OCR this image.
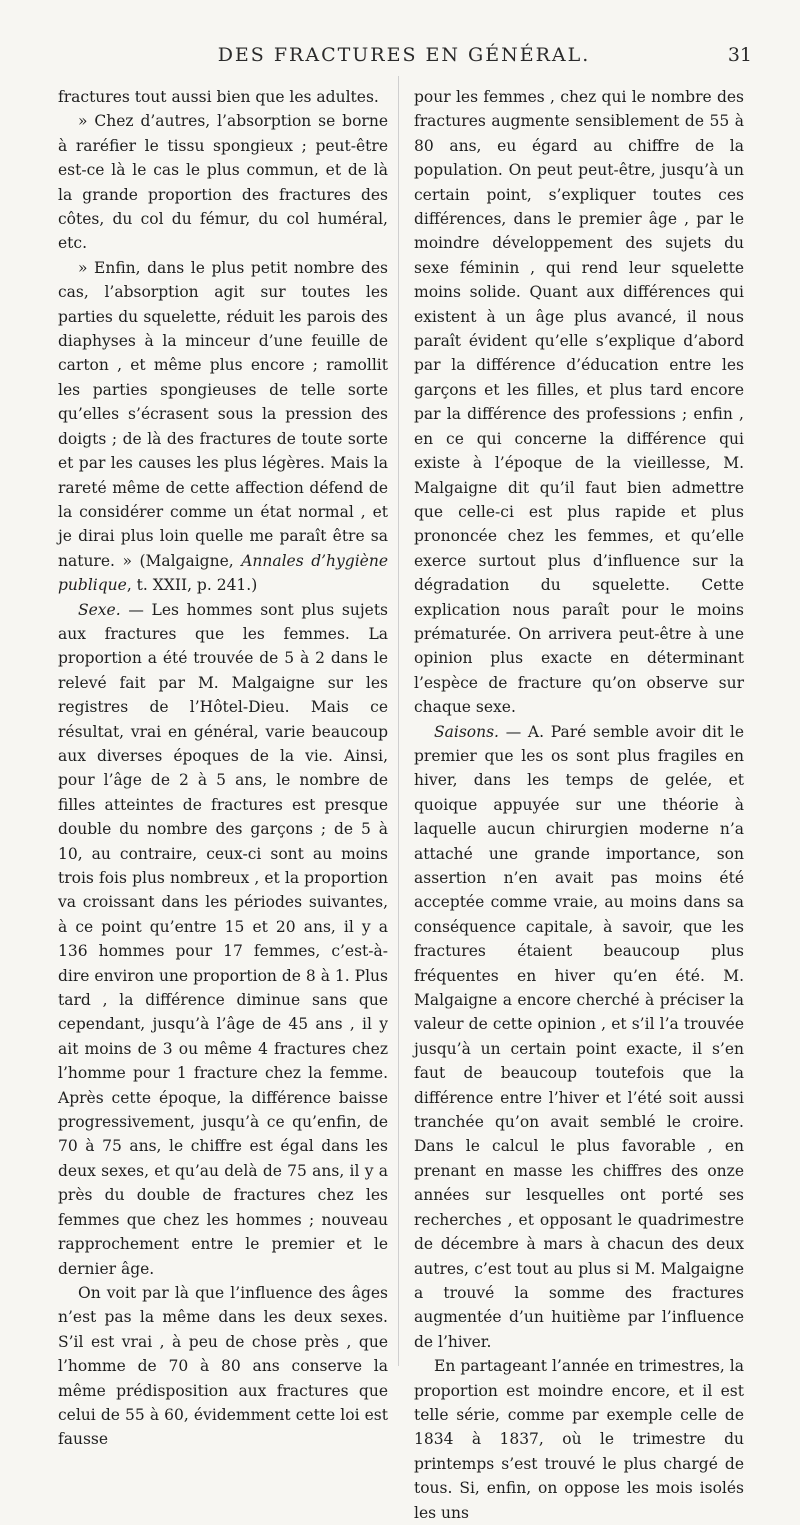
DES FRACTURES EN GÉNÉRAL.	31

fractures tout aussi bien que les adultes.

» Chez d’autres, l’absorption se borne à raréfier le tissu spongieux ; peut-être est-ce là le cas le plus commun, et de là la grande proportion des fractures des côtes, du col du fémur, du col huméral, etc.

» Enfin, dans le plus petit nombre des cas, l’absorption agit sur toutes les parties du squelette, réduit les parois des diaphyses à la minceur d’une feuille de carton , et même plus encore ; ramollit les parties spongieuses de telle sorte qu’elles s’écrasent sous la pression des doigts ; de là des fractures de toute sorte et par les causes les plus légères. Mais la rareté même de cette affection défend de la considérer comme un état normal , et je dirai plus loin quelle me paraît être sa nature. » (Malgaigne, Annales d’hygiène publique, t. XXII, p. 241.)

Sexe. — Les hommes sont plus sujets aux fractures que les femmes. La proportion a été trouvée de 5 à 2 dans le relevé fait par M. Malgaigne sur les registres de l’Hôtel-Dieu. Mais ce résultat, vrai en général, varie beaucoup aux diverses époques de la vie. Ainsi, pour l’âge de 2 à 5 ans, le nombre de filles atteintes de fractures est presque double du nombre des garçons ; de 5 à 10, au contraire, ceux-ci sont au moins trois fois plus nombreux , et la proportion va croissant dans les périodes suivantes, à ce point qu’entre 15 et 20 ans, il y a 136 hommes pour 17 femmes, c’est-à-dire environ une proportion de 8 à 1. Plus tard , la différence diminue sans que cependant, jusqu’à l’âge de 45 ans , il y ait moins de 3 ou même 4 fractures chez l’homme pour 1 fracture chez la femme. Après cette époque, la différence baisse progressivement, jusqu’à ce qu’enfin, de 70 à 75 ans, le chiffre est égal dans les deux sexes, et qu’au delà de 75 ans, il y a près du double de fractures chez les femmes que chez les hommes ; nouveau rapprochement entre le premier et le dernier âge.

On voit par là que l’influence des âges n’est pas la même dans les deux sexes. S’il est vrai , à peu de chose près , que l’homme de 70 à 80 ans conserve la même prédisposition aux fractures que celui de 55 à 60, évidemment cette loi est fausse

pour les femmes , chez qui le nombre des fractures augmente sensiblement de 55 à 80 ans, eu égard au chiffre de la population. On peut peut-être, jusqu’à un certain point, s’expliquer toutes ces différences, dans le premier âge , par le moindre développement des sujets du sexe féminin , qui rend leur squelette moins solide. Quant aux différences qui existent à un âge plus avancé, il nous paraît évident qu’elle s’explique d’abord par la différence d’éducation entre les garçons et les filles, et plus tard encore par la différence des professions ; enfin , en ce qui concerne la différence qui existe à l’époque de la vieillesse, M. Malgaigne dit qu’il faut bien admettre que celle-ci est plus rapide et plus prononcée chez les femmes, et qu’elle exerce surtout plus d’influence sur la dégradation du squelette. Cette explication nous paraît pour le moins prématurée. On arrivera peut-être à une opinion plus exacte en déterminant l’espèce de fracture qu’on observe sur chaque sexe.

Saisons. — A. Paré semble avoir dit le premier que les os sont plus fragiles en hiver, dans les temps de gelée, et quoique appuyée sur une théorie à laquelle aucun chirurgien moderne n’a attaché une grande importance, son assertion n’en avait pas moins été acceptée comme vraie, au moins dans sa conséquence capitale, à savoir, que les fractures étaient beaucoup plus fréquentes en hiver qu’en été. M. Malgaigne a encore cherché à préciser la valeur de cette opinion , et s’il l’a trouvée jusqu’à un certain point exacte, il s’en faut de beaucoup toutefois que la différence entre l’hiver et l’été soit aussi tranchée qu’on avait semblé le croire. Dans le calcul le plus favorable , en prenant en masse les chiffres des onze années sur lesquelles ont porté ses recherches , et opposant le quadrimestre de décembre à mars à chacun des deux autres, c’est tout au plus si M. Malgaigne a trouvé la somme des fractures augmentée d’un huitième par l’influence de l’hiver.

En partageant l’année en trimestres, la proportion est moindre encore, et il est telle série, comme par exemple celle de 1834 à 1837, où le trimestre du printemps s’est trouvé le plus chargé de tous. Si, enfin, on oppose les mois isolés les uns
